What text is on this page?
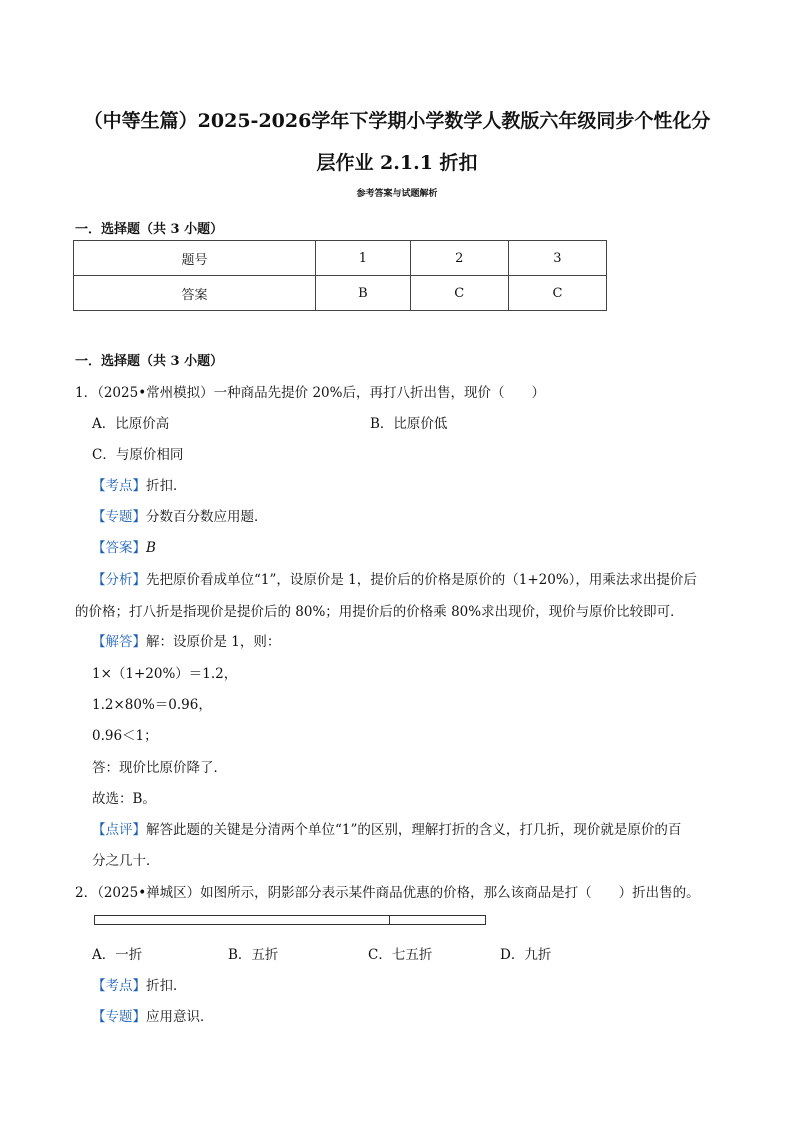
（中等生篇）2025-2026学年下学期小学数学人教版六年级同步个性化分
层作业 2.1.1 折扣
参考答案与试题解析
一．选择题（共 3 小题）
题号	1	2	3
答案	B	C	C
一．选择题（共 3 小题）
1．（2025•常州模拟）一种商品先提价 20%后，再打八折出售，现价（　　）
A．比原价高	B．比原价低
C．与原价相同
【考点】折扣．
【专题】分数百分数应用题．
【答案】B
【分析】先把原价看成单位“1”，设原价是 1，提价后的价格是原价的（1+20%），用乘法求出提价后
的价格；打八折是指现价是提价后的 80%；用提价后的价格乘 80%求出现价，现价与原价比较即可．
【解答】解：设原价是 1，则：
1×（1+20%）＝1.2，
1.2×80%＝0.96，
0.96＜1；
答：现价比原价降了．
故选：B。
【点评】解答此题的关键是分清两个单位“1”的区别，理解打折的含义，打几折，现价就是原价的百
分之几十．
2．（2025•禅城区）如图所示，阴影部分表示某件商品优惠的价格，那么该商品是打（　　）折出售的。
A．一折	B．五折	C．七五折	D．九折
【考点】折扣．
【专题】应用意识．
